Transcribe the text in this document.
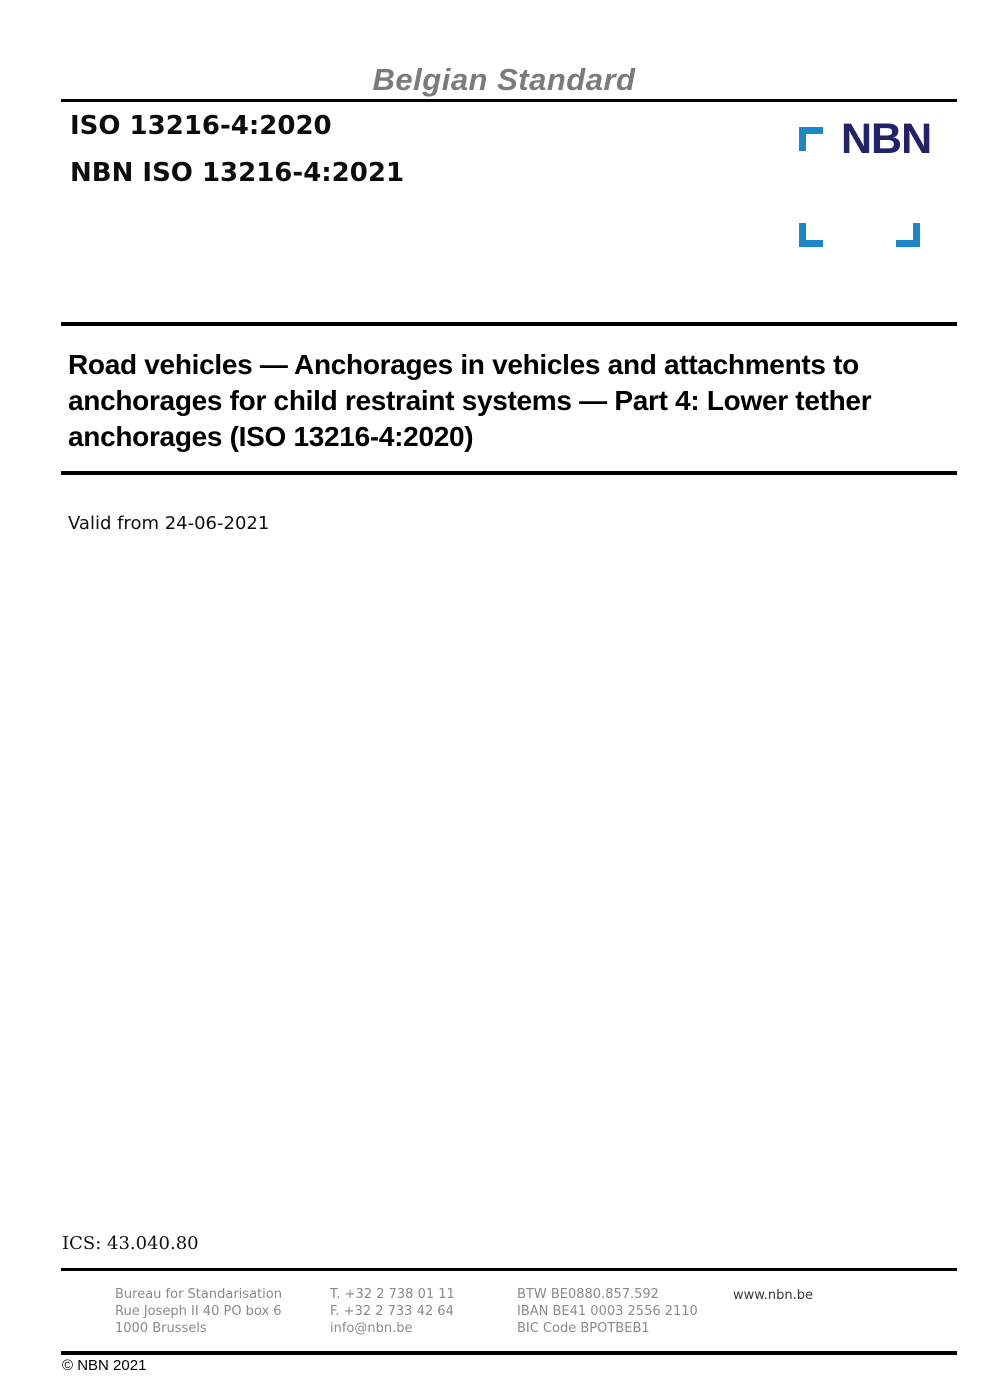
Belgian Standard
ISO 13216-4:2020
NBN ISO 13216-4:2021
NBN
Road vehicles — Anchorages in vehicles and attachments to anchorages for child restraint systems — Part 4: Lower tether anchorages (ISO 13216-4:2020)
Valid from 24-06-2021
ICS: 43.040.80
Bureau for Standarisation
Rue Joseph II 40 PO box 6
1000 Brussels
T. +32 2 738 01 11
F. +32 2 733 42 64
info@nbn.be
BTW BE0880.857.592
IBAN BE41 0003 2556 2110
BIC Code BPOTBEB1
www.nbn.be
© NBN 2021
